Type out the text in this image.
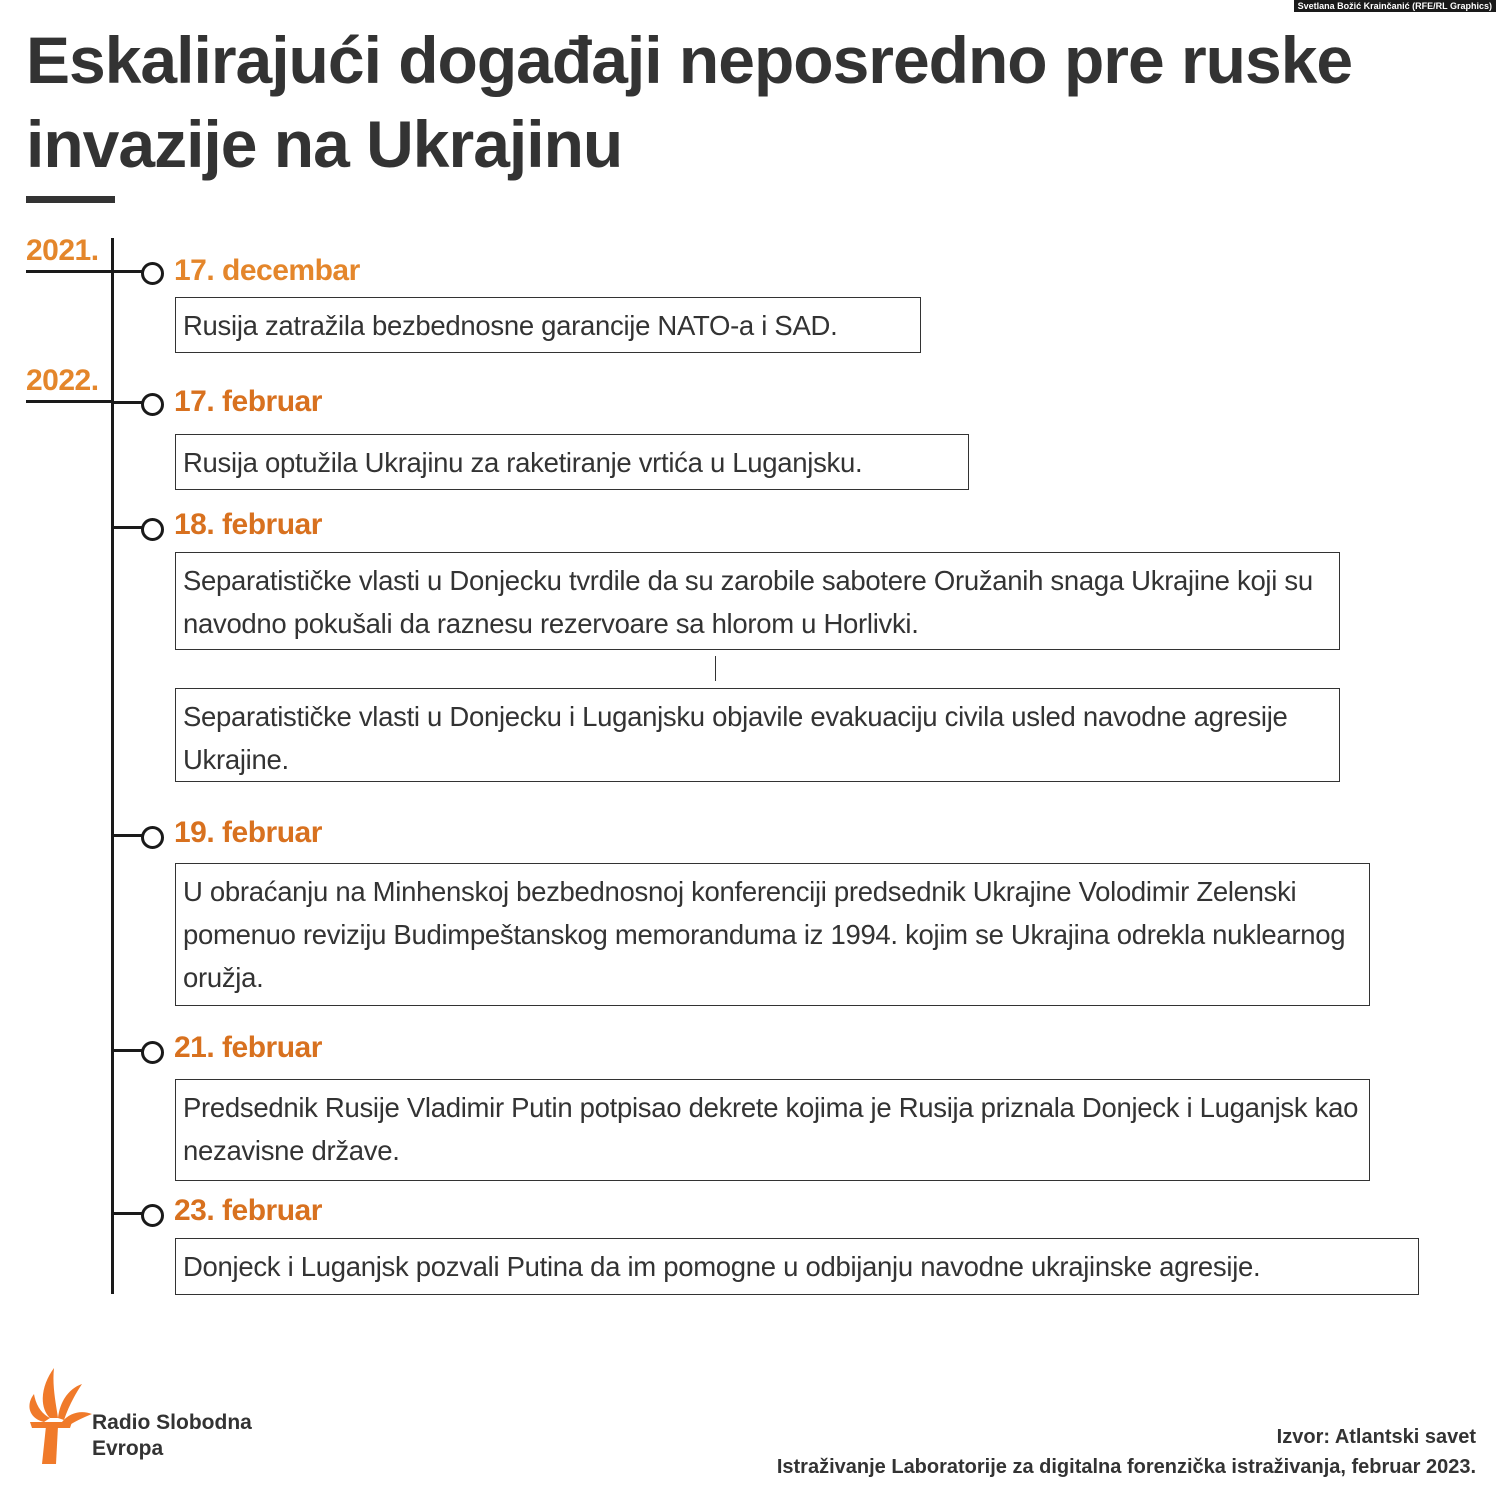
Svetlana Božić Krainčanić (RFE/RL Graphics)
Eskalirajući događaji neposredno pre ruske invazije na Ukrajinu
2021.
2022.
17. decembar
Rusija zatražila bezbednosne garancije NATO-a i SAD.
17. februar
Rusija optužila Ukrajinu za raketiranje vrtića u Luganjsku.
18. februar
Separatističke vlasti u Donjecku tvrdile da su zarobile sabotere Oružanih snaga Ukrajine koji su navodno pokušali da raznesu rezervoare sa hlorom u Horlivki.
Separatističke vlasti u Donjecku i Luganjsku objavile evakuaciju civila usled navodne agresije Ukrajine.
19. februar
U obraćanju na Minhenskoj bezbednosnoj konferenciji predsednik Ukrajine Volodimir Zelenski pomenuo reviziju Budimpeštanskog memoranduma iz 1994. kojim se Ukrajina odrekla nuklearnog oružja.
21. februar
Predsednik Rusije Vladimir Putin potpisao dekrete kojima je Rusija priznala Donjeck i Luganjsk kao nezavisne države.
23. februar
Donjeck i Luganjsk pozvali Putina da im pomogne u odbijanju navodne ukrajinske agresije.
Radio Slobodna
Evropa	Izvor: Atlantski savet
Istraživanje Laboratorije za digitalna forenzička istraživanja, februar 2023.
